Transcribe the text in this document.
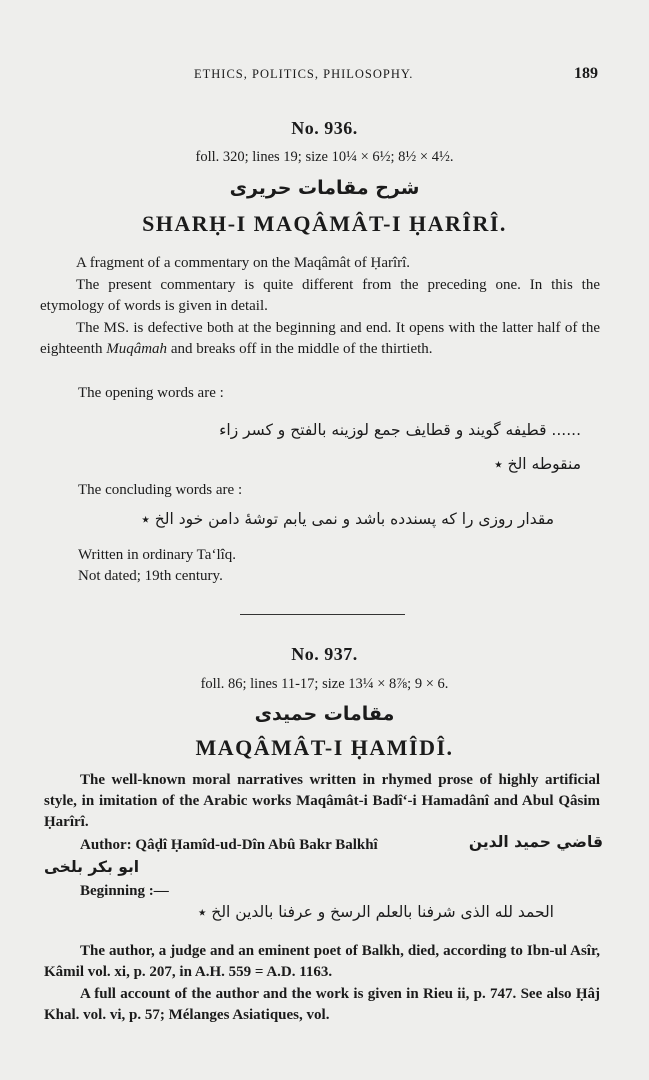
ETHICS, POLITICS, PHILOSOPHY.	189
No. 936.
foll. 320; lines 19; size 10¼ × 6½; 8½ × 4½.
شرح مقامات حریری
SHARḤ-I MAQÂMÂT-I ḤARÎRÎ.
A fragment of a commentary on the Maqâmât of Ḥarîrî.
The present commentary is quite different from the preceding one. In this the etymology of words is given in detail.
The MS. is defective both at the beginning and end. It opens with the latter half of the eighteenth Muqâmah and breaks off in the middle of the thirtieth.
The opening words are :
...... قطیفه گویند و قطایف جمع لوزینه بالفتح و کسر زاء
منقوطه الخ ٭
The concluding words are :
مقدار روزی را که پسندده باشد و نمی یابم توشهٔ دامن خود الخ ٭
Written in ordinary Ta‘lîq.
Not dated; 19th century.
No. 937.
foll. 86; lines 11-17; size 13¼ × 8⅞; 9 × 6.
مقامات حمیدی
MAQÂMÂT-I ḤAMÎDÎ.
The well-known moral narratives written in rhymed prose of highly artificial style, in imitation of the Arabic works Maqâmât-i Badî‘-i Hamadânî and Abul Qâsim Ḥarîrî.
Author: Qâḍî Ḥamîd-ud-Dîn Abû Bakr Balkhî	قاضي حمید الدین
ابو بکر بلخی
Beginning :—
الحمد لله الذی شرفنا بالعلم الرسخ و عرفنا بالدین الخ ٭
The author, a judge and an eminent poet of Balkh, died, according to Ibn-ul Asîr, Kâmil vol. xi, p. 207, in A.H. 559 = A.D. 1163.
A full account of the author and the work is given in Rieu ii, p. 747. See also Ḥâj Khal. vol. vi, p. 57; Mélanges Asiatiques, vol.
